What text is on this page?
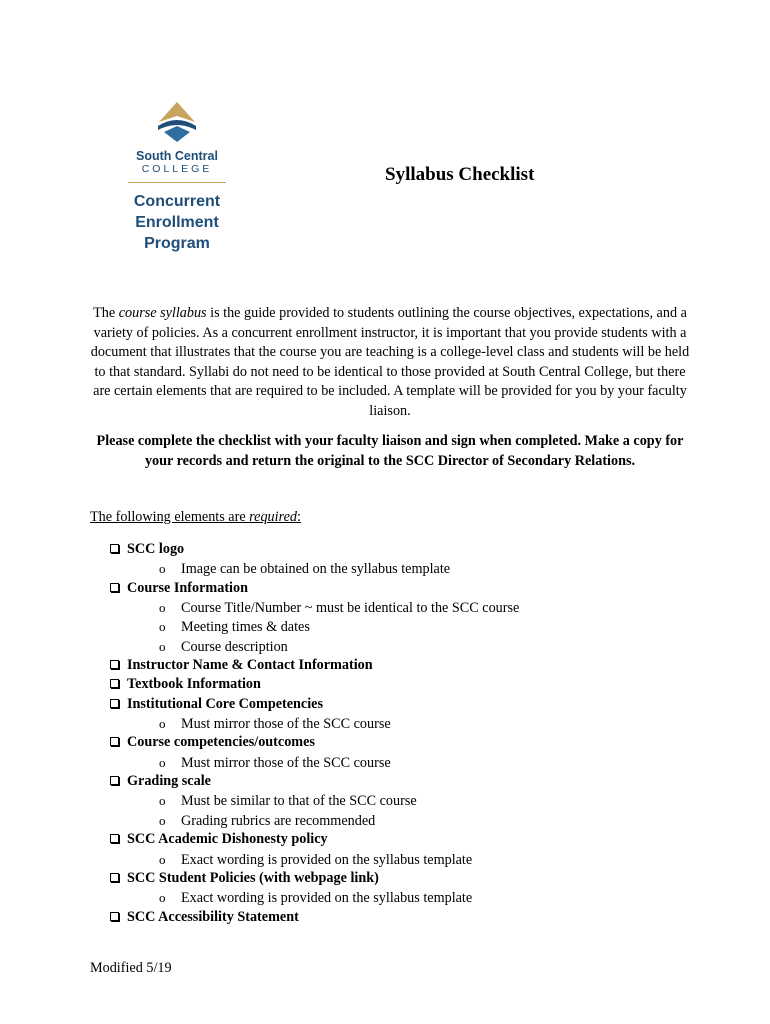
South Central
COLLEGE
Concurrent
Enrollment
Program
Syllabus Checklist

The course syllabus is the guide provided to students outlining the course objectives, expectations, and a variety of policies. As a concurrent enrollment instructor, it is important that you provide students with a document that illustrates that the course you are teaching is a college-level class and students will be held to that standard. Syllabi do not need to be identical to those provided at South Central College, but there are certain elements that are required to be included. A template will be provided for you by your faculty liaison.

Please complete the checklist with your faculty liaison and sign when completed. Make a copy for your records and return the original to the SCC Director of Secondary Relations.

The following elements are required:
SCC logo
o Image can be obtained on the syllabus template
Course Information
o Course Title/Number ~ must be identical to the SCC course
o Meeting times & dates
o Course description
Instructor Name & Contact Information
Textbook Information
Institutional Core Competencies
o Must mirror those of the SCC course
Course competencies/outcomes
o Must mirror those of the SCC course
Grading scale
o Must be similar to that of the SCC course
o Grading rubrics are recommended
SCC Academic Dishonesty policy
o Exact wording is provided on the syllabus template
SCC Student Policies (with webpage link)
o Exact wording is provided on the syllabus template
SCC Accessibility Statement
Modified 5/19
